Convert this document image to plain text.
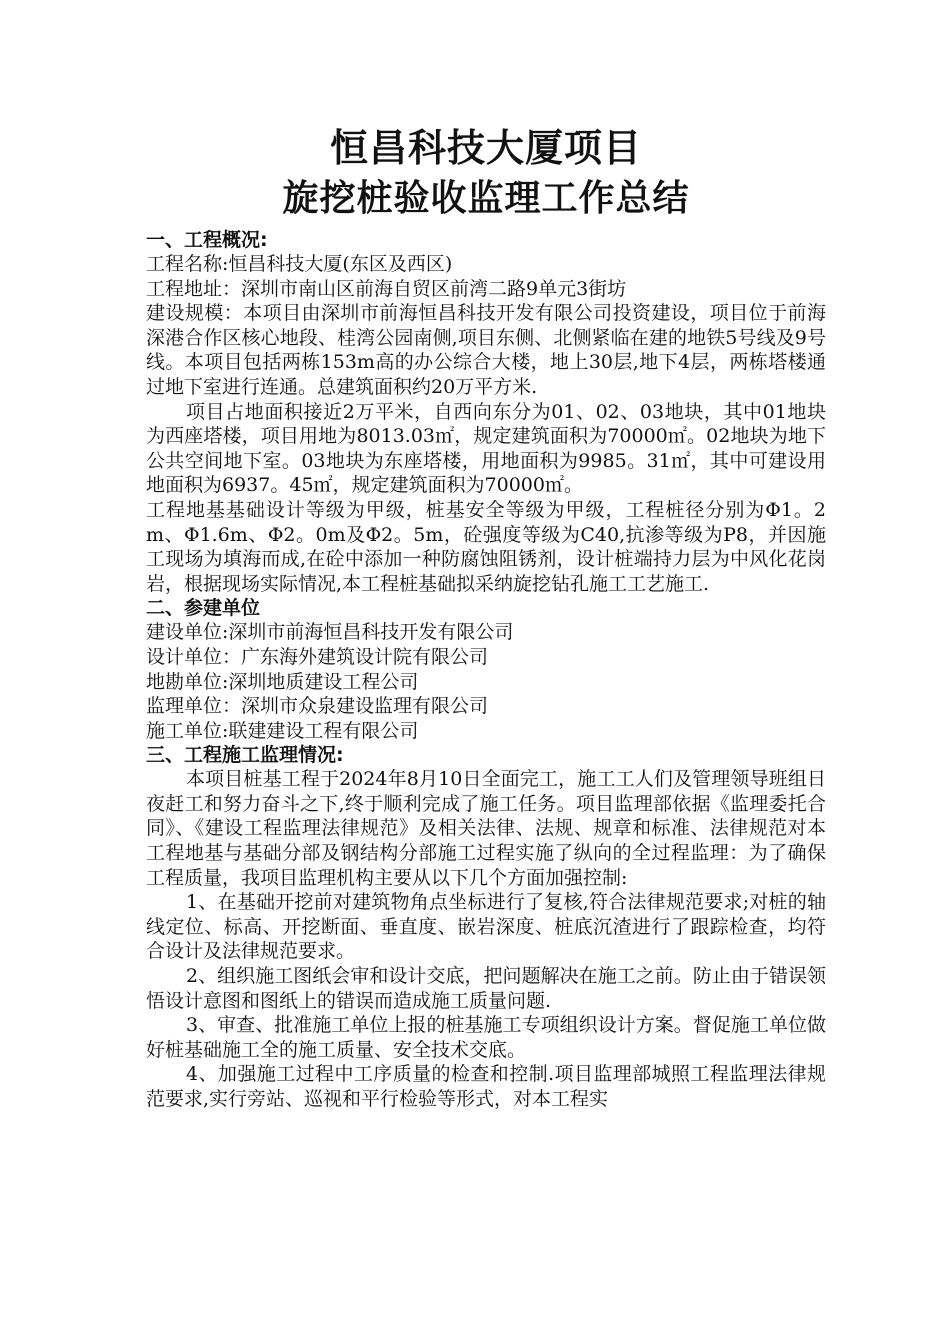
恒昌科技大厦项目
旋挖桩验收监理工作总结
一、工程概况:

工程名称:恒昌科技大厦(东区及西区)

工程地址：深圳市南山区前海自贸区前湾二路9单元3街坊

建设规模：本项目由深圳市前海恒昌科技开发有限公司投资建设，项目位于前海深港合作区核心地段、桂湾公园南侧,项目东侧、北侧紧临在建的地铁5号线及9号线。本项目包括两栋153m高的办公综合大楼，地上30层,地下4层，两栋塔楼通过地下室进行连通。总建筑面积约20万平方米.

项目占地面积接近2万平米，自西向东分为01、02、03地块，其中01地块为西座塔楼，项目用地为8013.03㎡，规定建筑面积为70000㎡。02地块为地下公共空间地下室。03地块为东座塔楼，用地面积为9985。31㎡，其中可建设用地面积为6937。45㎡，规定建筑面积为70000㎡。

工程地基基础设计等级为甲级，桩基安全等级为甲级，工程桩径分别为Φ1。2m、Φ1.6m、Φ2。0m及Φ2。5m，砼强度等级为C40,抗渗等级为P8，并因施工现场为填海而成,在砼中添加一种防腐蚀阻锈剂，设计桩端持力层为中风化花岗岩，根据现场实际情况,本工程桩基础拟采纳旋挖钻孔施工工艺施工.

二、参建单位

建设单位:深圳市前海恒昌科技开发有限公司

设计单位：广东海外建筑设计院有限公司

地勘单位:深圳地质建设工程公司

监理单位：深圳市众泉建设监理有限公司

施工单位:联建建设工程有限公司

三、工程施工监理情况:

本项目桩基工程于2024年8月10日全面完工，施工工人们及管理领导班组日夜赶工和努力奋斗之下,终于顺利完成了施工任务。项目监理部依据《监理委托合同》、《建设工程监理法律规范》及相关法律、法规、规章和标准、法律规范对本工程地基与基础分部及钢结构分部施工过程实施了纵向的全过程监理：为了确保工程质量，我项目监理机构主要从以下几个方面加强控制:

1、在基础开挖前对建筑物角点坐标进行了复核,符合法律规范要求;对桩的轴线定位、标高、开挖断面、垂直度、嵌岩深度、桩底沉渣进行了跟踪检查，均符合设计及法律规范要求。

2、组织施工图纸会审和设计交底，把问题解决在施工之前。防止由于错误领悟设计意图和图纸上的错误而造成施工质量问题.

3、审查、批准施工单位上报的桩基施工专项组织设计方案。督促施工单位做好桩基础施工全的施工质量、安全技术交底。

4、加强施工过程中工序质量的检查和控制.项目监理部城照工程监理法律规范要求,实行旁站、巡视和平行检验等形式，对本工程实
